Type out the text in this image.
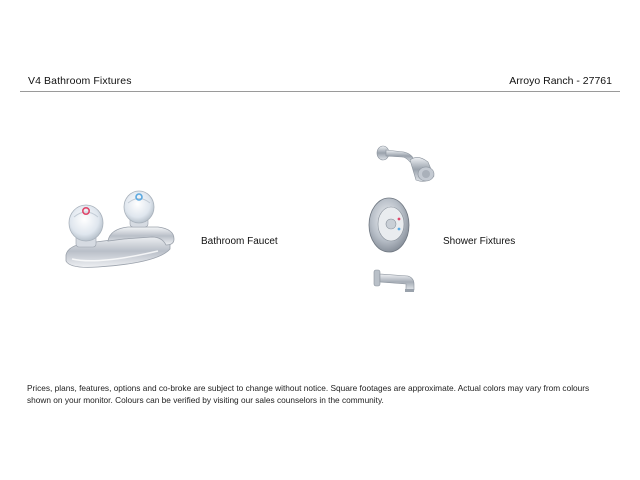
V4 Bathroom Fixtures	Arroyo Ranch - 27761
Bathroom Faucet	Shower Fixtures
Prices, plans, features, options and co-broke are subject to change without notice. Square footages are approximate. Actual colors may vary from colours shown on your monitor. Colours can be verified by visiting our sales counselors in the community.
